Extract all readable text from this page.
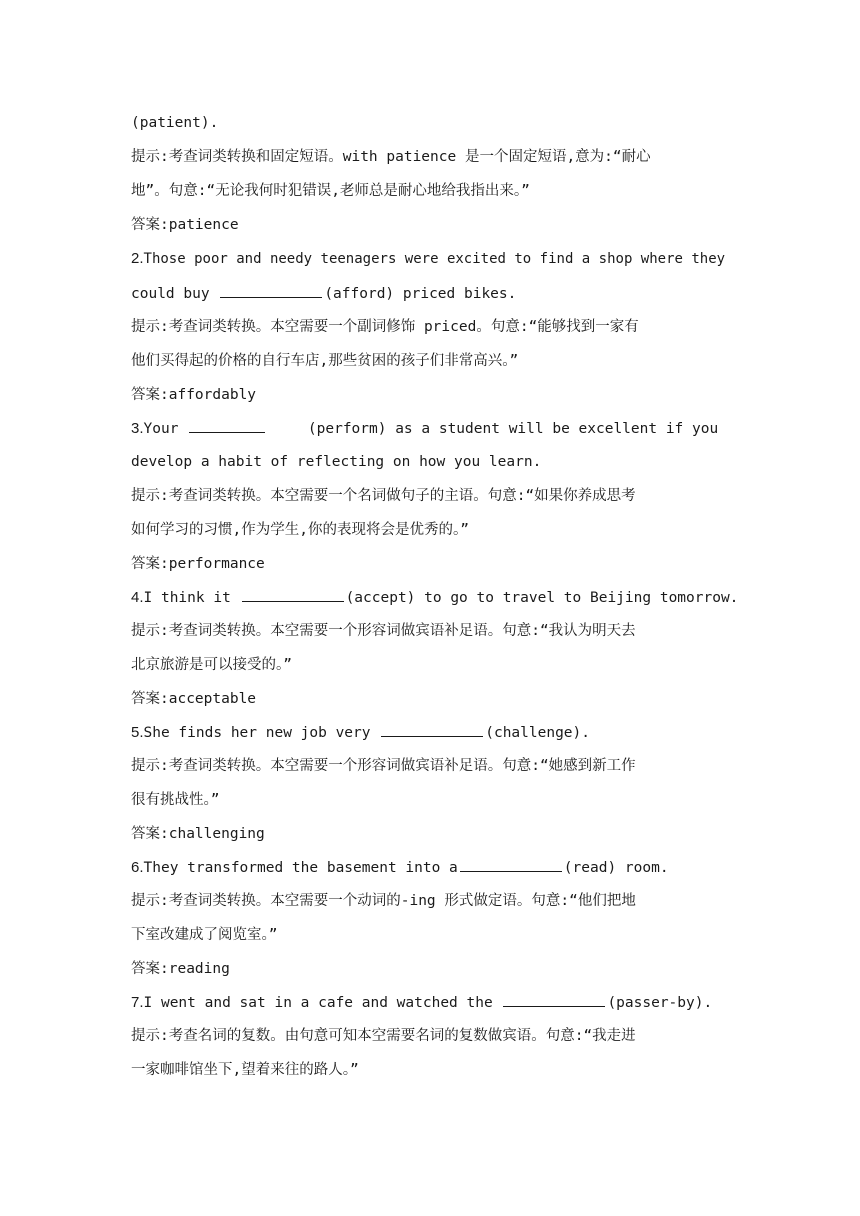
(patient).
提示:考查词类转换和固定短语。with patience 是一个固定短语,意为:“耐心
地”。句意:“无论我何时犯错误,老师总是耐心地给我指出来。”
答案:patience
2.Those poor and needy teenagers were excited to find a shop where they
could buy	(afford) priced bikes.
提示:考查词类转换。本空需要一个副词修饰 priced。句意:“能够找到一家有
他们买得起的价格的自行车店,那些贫困的孩子们非常高兴。”
答案:affordably
3.Your	(perform) as a student will be excellent if you
develop a habit of reflecting on how you learn.
提示:考查词类转换。本空需要一个名词做句子的主语。句意:“如果你养成思考
如何学习的习惯,作为学生,你的表现将会是优秀的。”
答案:performance
4.I think it	(accept) to go to travel to Beijing tomorrow.
提示:考查词类转换。本空需要一个形容词做宾语补足语。句意:“我认为明天去
北京旅游是可以接受的。”
答案:acceptable
5.She finds her new job very	(challenge).
提示:考查词类转换。本空需要一个形容词做宾语补足语。句意:“她感到新工作
很有挑战性。”
答案:challenging
6.They transformed the basement into a	(read) room.
提示:考查词类转换。本空需要一个动词的-ing 形式做定语。句意:“他们把地
下室改建成了阅览室。”
答案:reading
7.I went and sat in a cafe and watched the	(passer-by).
提示:考查名词的复数。由句意可知本空需要名词的复数做宾语。句意:“我走进
一家咖啡馆坐下,望着来往的路人。”
